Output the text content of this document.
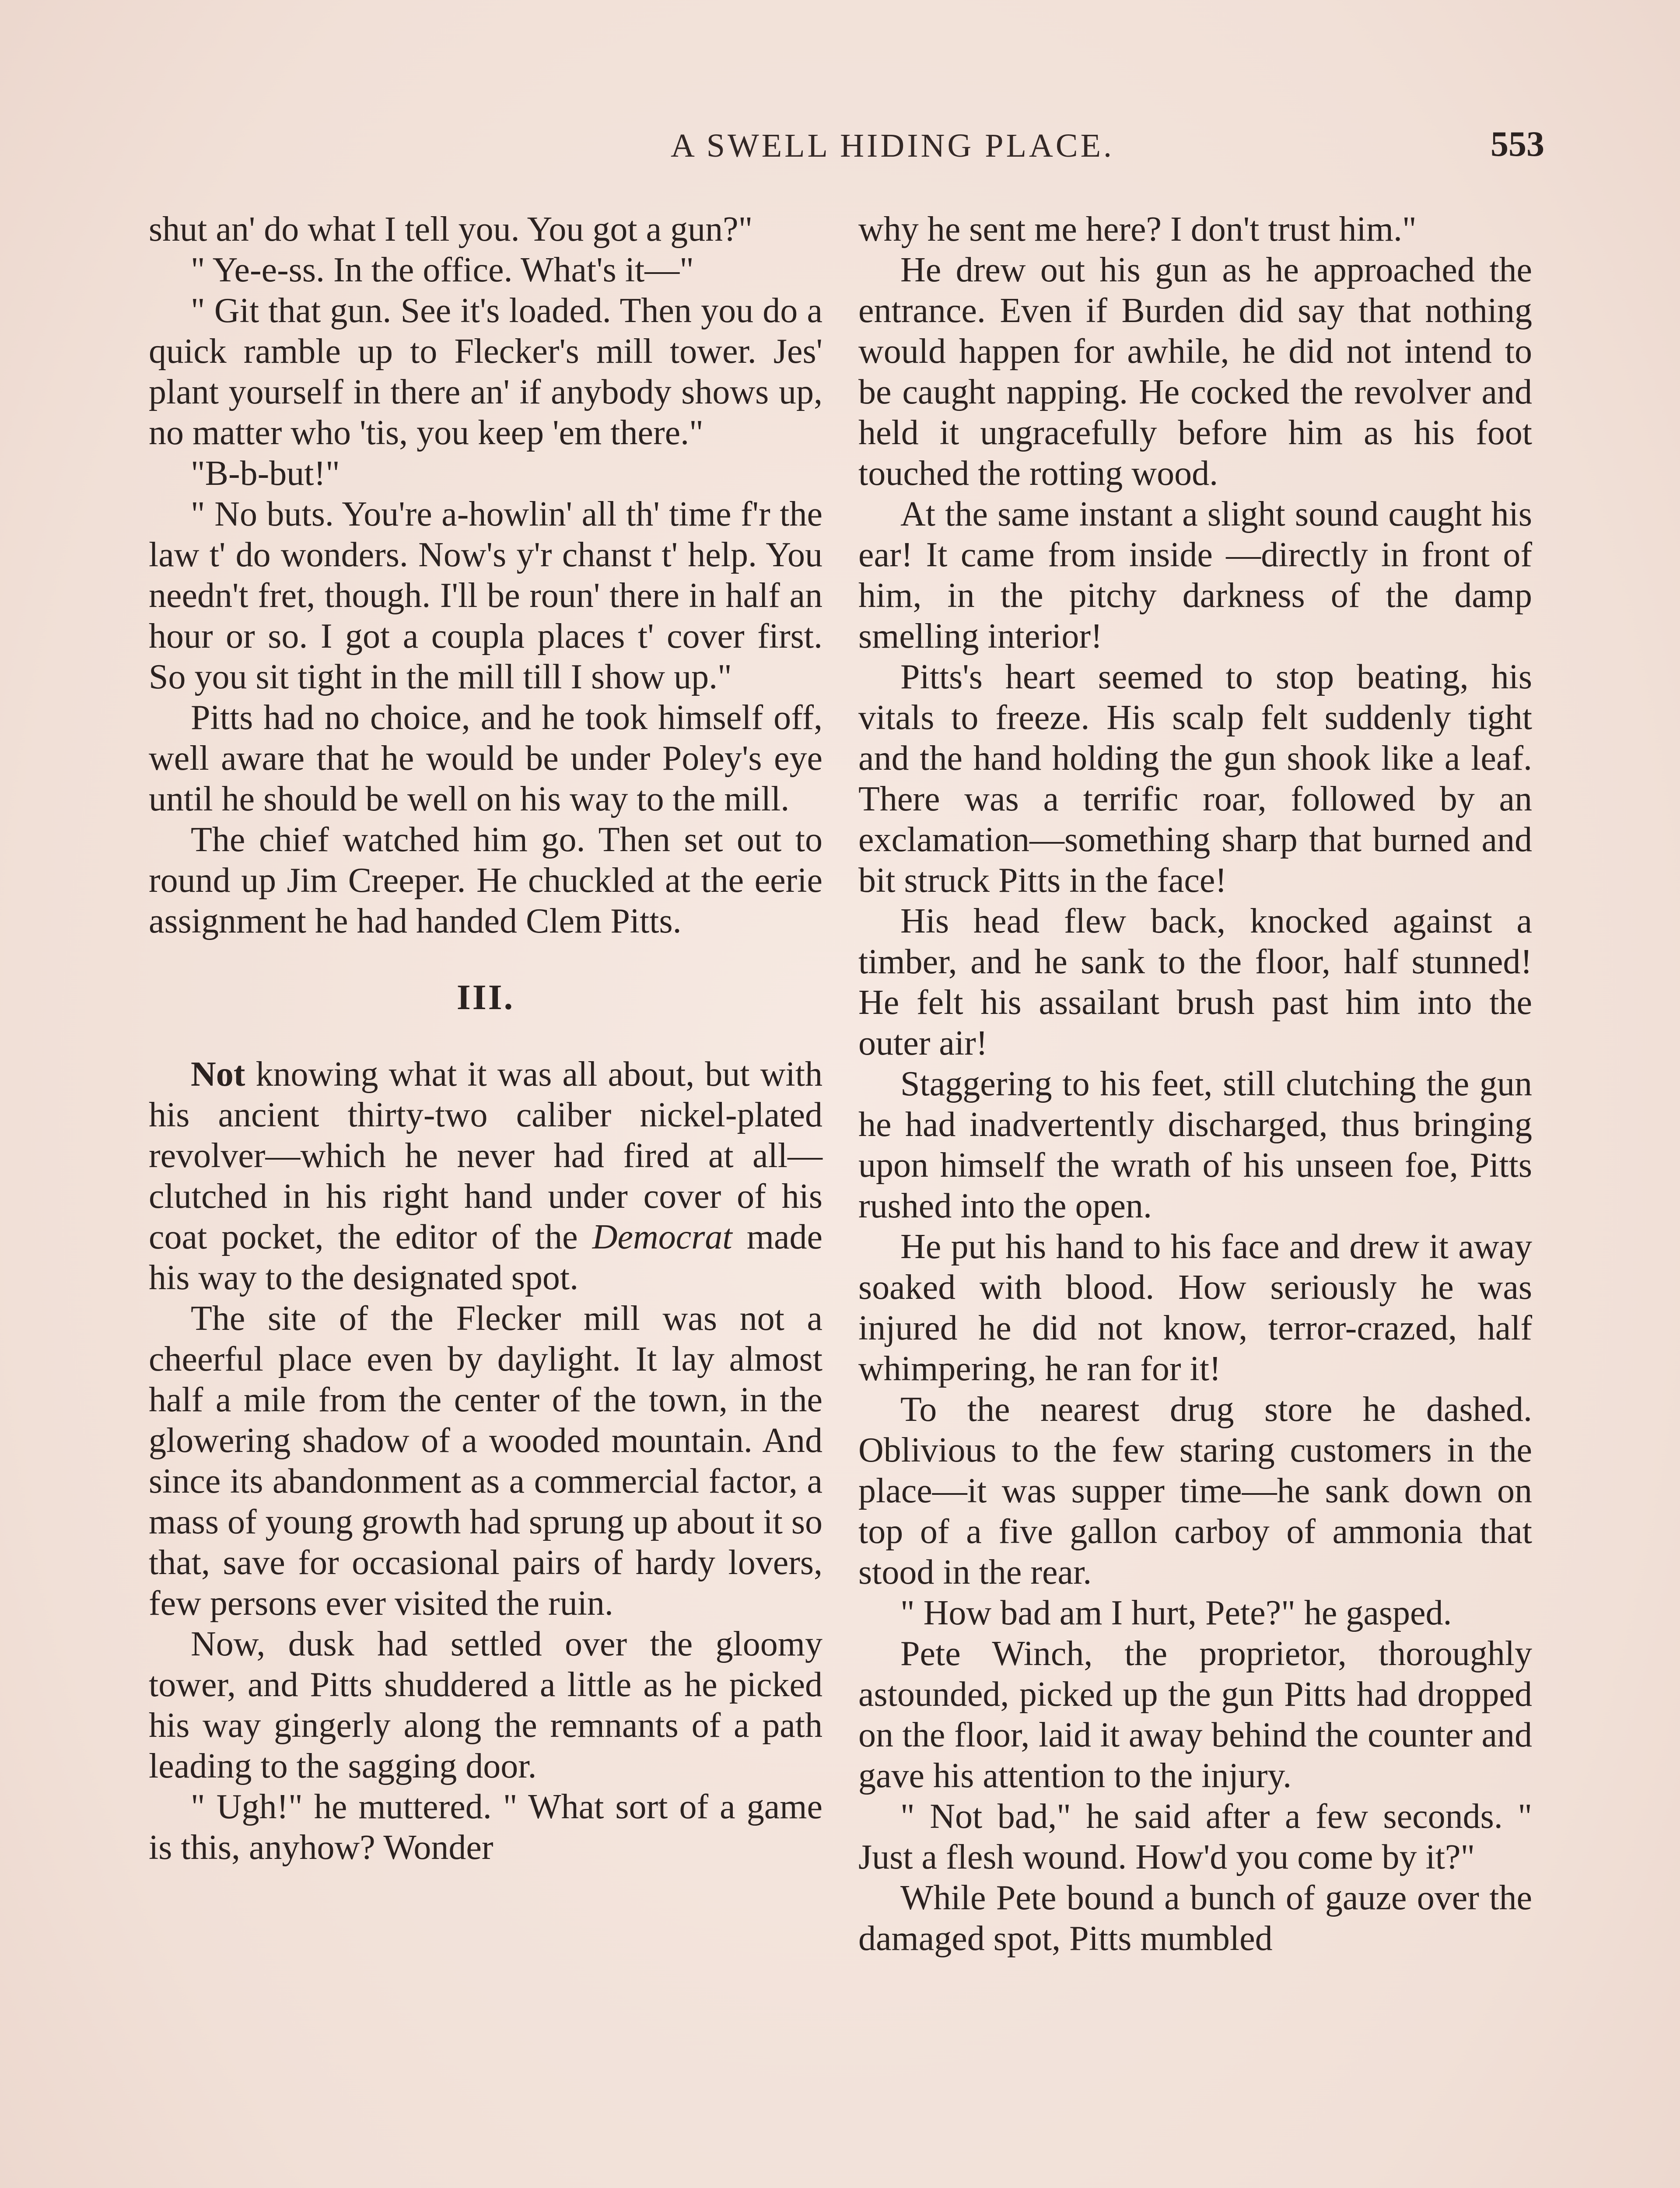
A SWELL HIDING PLACE.	553

shut an' do what I tell you. You got a gun?"

" Ye-e-ss. In the office. What's it—"

" Git that gun. See it's loaded. Then you do a quick ramble up to Flecker's mill tower. Jes' plant yourself in there an' if anybody shows up, no matter who 'tis, you keep 'em there."

"B-b-but!"

" No buts. You're a-howlin' all th' time f'r the law t' do wonders. Now's y'r chanst t' help. You needn't fret, though. I'll be roun' there in half an hour or so. I got a coupla places t' cover first. So you sit tight in the mill till I show up."

Pitts had no choice, and he took himself off, well aware that he would be under Poley's eye until he should be well on his way to the mill.

The chief watched him go. Then set out to round up Jim Creeper. He chuckled at the eerie assignment he had handed Clem Pitts.

III.

Not knowing what it was all about, but with his ancient thirty-two caliber nickel-plated revolver—which he never had fired at all—clutched in his right hand under cover of his coat pocket, the editor of the Democrat made his way to the designated spot.

The site of the Flecker mill was not a cheerful place even by daylight. It lay almost half a mile from the center of the town, in the glowering shadow of a wooded mountain. And since its abandonment as a commercial factor, a mass of young growth had sprung up about it so that, save for occasional pairs of hardy lovers, few persons ever visited the ruin.

Now, dusk had settled over the gloomy tower, and Pitts shuddered a little as he picked his way gingerly along the remnants of a path leading to the sagging door.

" Ugh!" he muttered. " What sort of a game is this, anyhow? Wonder

why he sent me here? I don't trust him."

He drew out his gun as he approached the entrance. Even if Burden did say that nothing would happen for awhile, he did not intend to be caught napping. He cocked the revolver and held it ungracefully before him as his foot touched the rotting wood.

At the same instant a slight sound caught his ear! It came from inside —directly in front of him, in the pitchy darkness of the damp smelling interior!

Pitts's heart seemed to stop beating, his vitals to freeze. His scalp felt suddenly tight and the hand holding the gun shook like a leaf. There was a terrific roar, followed by an exclamation—something sharp that burned and bit struck Pitts in the face!

His head flew back, knocked against a timber, and he sank to the floor, half stunned! He felt his assailant brush past him into the outer air!

Staggering to his feet, still clutching the gun he had inadvertently discharged, thus bringing upon himself the wrath of his unseen foe, Pitts rushed into the open.

He put his hand to his face and drew it away soaked with blood. How seriously he was injured he did not know, terror-crazed, half whimpering, he ran for it!

To the nearest drug store he dashed. Oblivious to the few staring customers in the place—it was supper time—he sank down on top of a five gallon carboy of ammonia that stood in the rear.

" How bad am I hurt, Pete?" he gasped.

Pete Winch, the proprietor, thoroughly astounded, picked up the gun Pitts had dropped on the floor, laid it away behind the counter and gave his attention to the injury.

" Not bad," he said after a few seconds. " Just a flesh wound. How'd you come by it?"

While Pete bound a bunch of gauze over the damaged spot, Pitts mumbled
